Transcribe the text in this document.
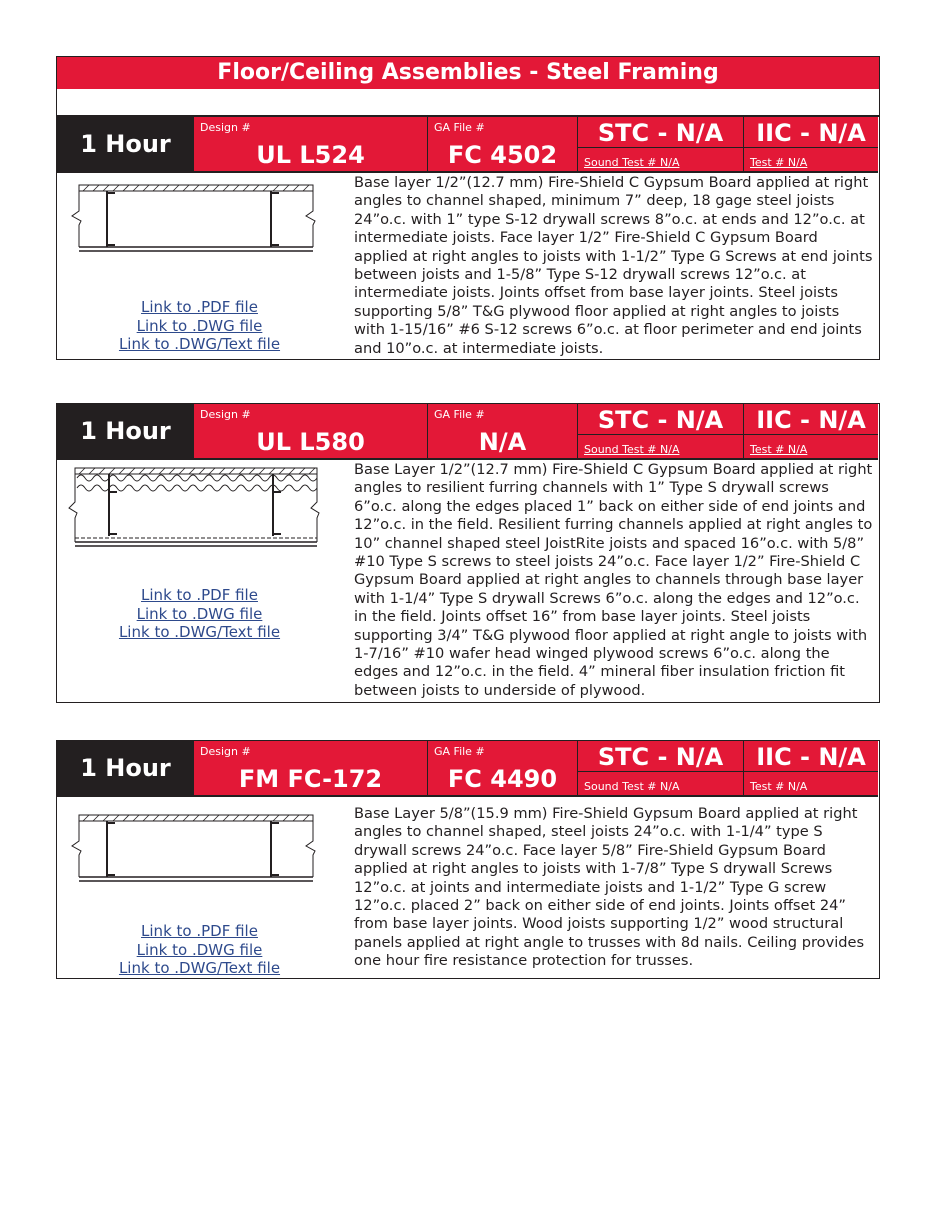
Floor/Ceiling Assemblies - Steel Framing
1 Hour
Design #
UL L524
GA File #
FC 4502
STC - N/A
Sound Test # N/A
IIC - N/A
Test # N/A
Link to .PDF file
Link to .DWG file
Link to .DWG/Text file

Base layer 1/2”(12.7 mm) Fire-Shield C Gypsum Board applied at right angles to channel shaped, minimum 7” deep, 18 gage steel joists 24”o.c. with 1” type S-12 drywall screws 8”o.c. at ends and 12”o.c. at intermediate joists. Face layer 1/2” Fire-Shield C Gypsum Board applied at right angles to joists with 1-1/2” Type G Screws at end joints between joists and 1-5/8” Type S-12 drywall screws 12”o.c. at intermediate joists. Joints offset from base layer joints. Steel joists supporting 5/8” T&G plywood floor applied at right angles to joists with 1-15/16” #6 S-12 screws 6”o.c. at floor perimeter and end joints and 10”o.c. at intermediate joists.

1 Hour
Design #
UL L580
GA File #
N/A
STC - N/A
Sound Test # N/A
IIC - N/A
Test # N/A
Link to .PDF file
Link to .DWG file
Link to .DWG/Text file

Base Layer 1/2”(12.7 mm) Fire-Shield C Gypsum Board applied at right angles to resilient furring channels with 1” Type S drywall screws 6”o.c. along the edges placed 1” back on either side of end joints and 12”o.c. in the field. Resilient furring channels applied at right angles to 10” channel shaped steel JoistRite joists and spaced 16”o.c. with 5/8” #10 Type S screws to steel joists 24”o.c. Face layer 1/2” Fire-Shield C Gypsum Board applied at right angles to channels through base layer with 1-1/4” Type S drywall Screws 6”o.c. along the edges and 12”o.c. in the field. Joints offset 16” from base layer joints. Steel joists supporting 3/4” T&G plywood floor applied at right angle to joists with 1-7/16” #10 wafer head winged plywood screws 6”o.c. along the edges and 12”o.c. in the field. 4” mineral fiber insulation friction fit between joists to underside of plywood.

1 Hour
Design #
FM FC-172
GA File #
FC 4490
STC - N/A
Sound Test # N/A
IIC - N/A
Test # N/A
Link to .PDF file
Link to .DWG file
Link to .DWG/Text file

Base Layer 5/8”(15.9 mm) Fire-Shield Gypsum Board applied at right angles to channel shaped, steel joists 24”o.c. with 1-1/4” type S drywall screws 24”o.c. Face layer 5/8” Fire-Shield Gypsum Board applied at right angles to joists with 1-7/8” Type S drywall Screws 12”o.c. at joints and intermediate joists and 1-1/2” Type G screw 12”o.c. placed 2” back on either side of end joints. Joints offset 24” from base layer joints. Wood joists supporting 1/2” wood structural panels applied at right angle to trusses with 8d nails. Ceiling provides one hour fire resistance protection for trusses.
